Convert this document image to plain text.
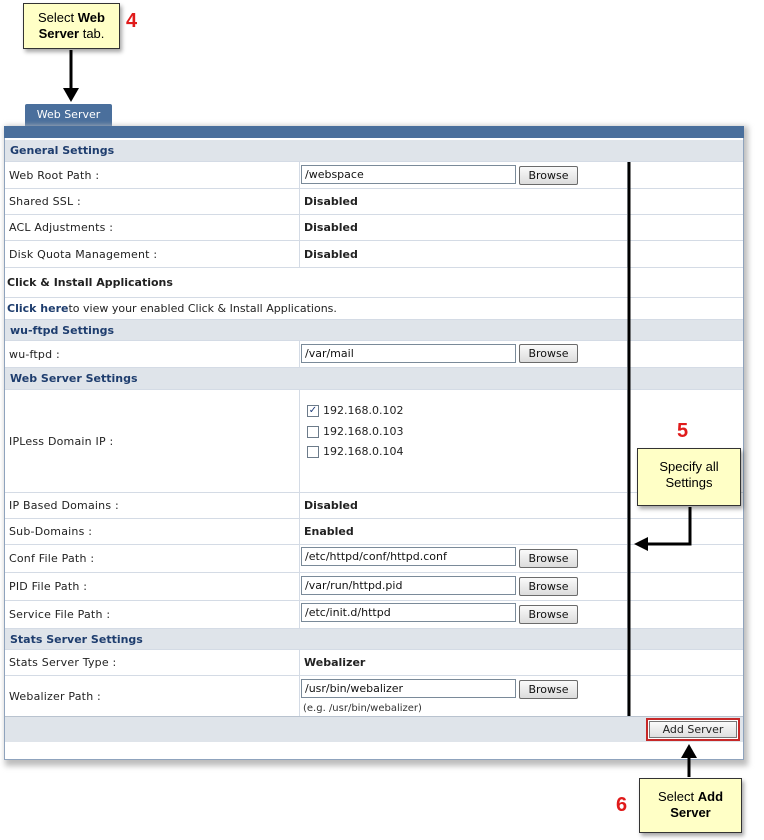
Select Web Server tab.
4
Web Server
General Settings
Web Root Path :
/webspace	Browse
Shared SSL :	Disabled
ACL Adjustments :	Disabled
Disk Quota Management :	Disabled
Click & Install Applications
Click here to view your enabled Click & Install Applications.
wu-ftpd Settings
wu-ftpd :
/var/mail	Browse
Web Server Settings
IPLess Domain IP :
✓ 192.168.0.102
192.168.0.103
192.168.0.104
IP Based Domains :	Disabled
Sub-Domains :	Enabled
Conf File Path :
/etc/httpd/conf/httpd.conf	Browse
PID File Path :
/var/run/httpd.pid	Browse
Service File Path :
/etc/init.d/httpd	Browse
Stats Server Settings
Stats Server Type :	Webalizer
Webalizer Path :
/usr/bin/webalizer	Browse
(e.g. /usr/bin/webalizer)
Add Server
5
Specify all Settings
6	Select Add Server
